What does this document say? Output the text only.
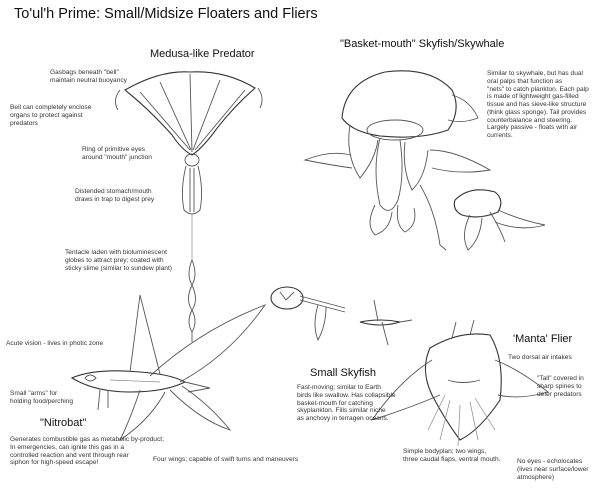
To'ul'h Prime: Small/Midsize Floaters and Fliers
Medusa-like Predator
Gasbags beneath "bell"
maintain neutral buoyancy
Bell can completely enclose
organs to protect against
predators
Ring of primitive eyes
around "mouth" junction
Distended stomach/mouth
draws in trap to digest prey
Tentacle laden with bioluminescent
globes to attract prey; coated with
sticky slime (similar to sundew plant)
"Basket-mouth" Skyfish/Skywhale
Similar to skywhale, but has dual
oral palps that function as
"nets" to catch plankton. Each palp
is made of lightweight gas-filled
tissue and has sieve-like structure
(think glass sponge). Tail provides
counterbalance and steering.
Largely passive - floats with air
currents.
Acute vision - lives in photic zone
Small "arms" for
holding food/perching
"Nitrobat"
Generates combustible gas as metabolic by-product;
In emergencies, can ignite this gas in a
controlled reaction and vent through rear
siphon for high-speed escape!	Four wings; capable of swift turns and maneuvers
Small Skyfish
Fast-moving; similar to Earth
birds like swallow. Has collapsible
basket-mouth for catching
skyplankton. Fills similar niche
as anchovy in terragen oceans.
'Manta' Flier
Two dorsal air intakes
"Tall" covered in
sharp spines to
deter predators
Simple bodyplan; two wings,
three caudal flaps, ventral mouth.	No eyes - echolocates
(lives near surface/lower
atmosphere)
